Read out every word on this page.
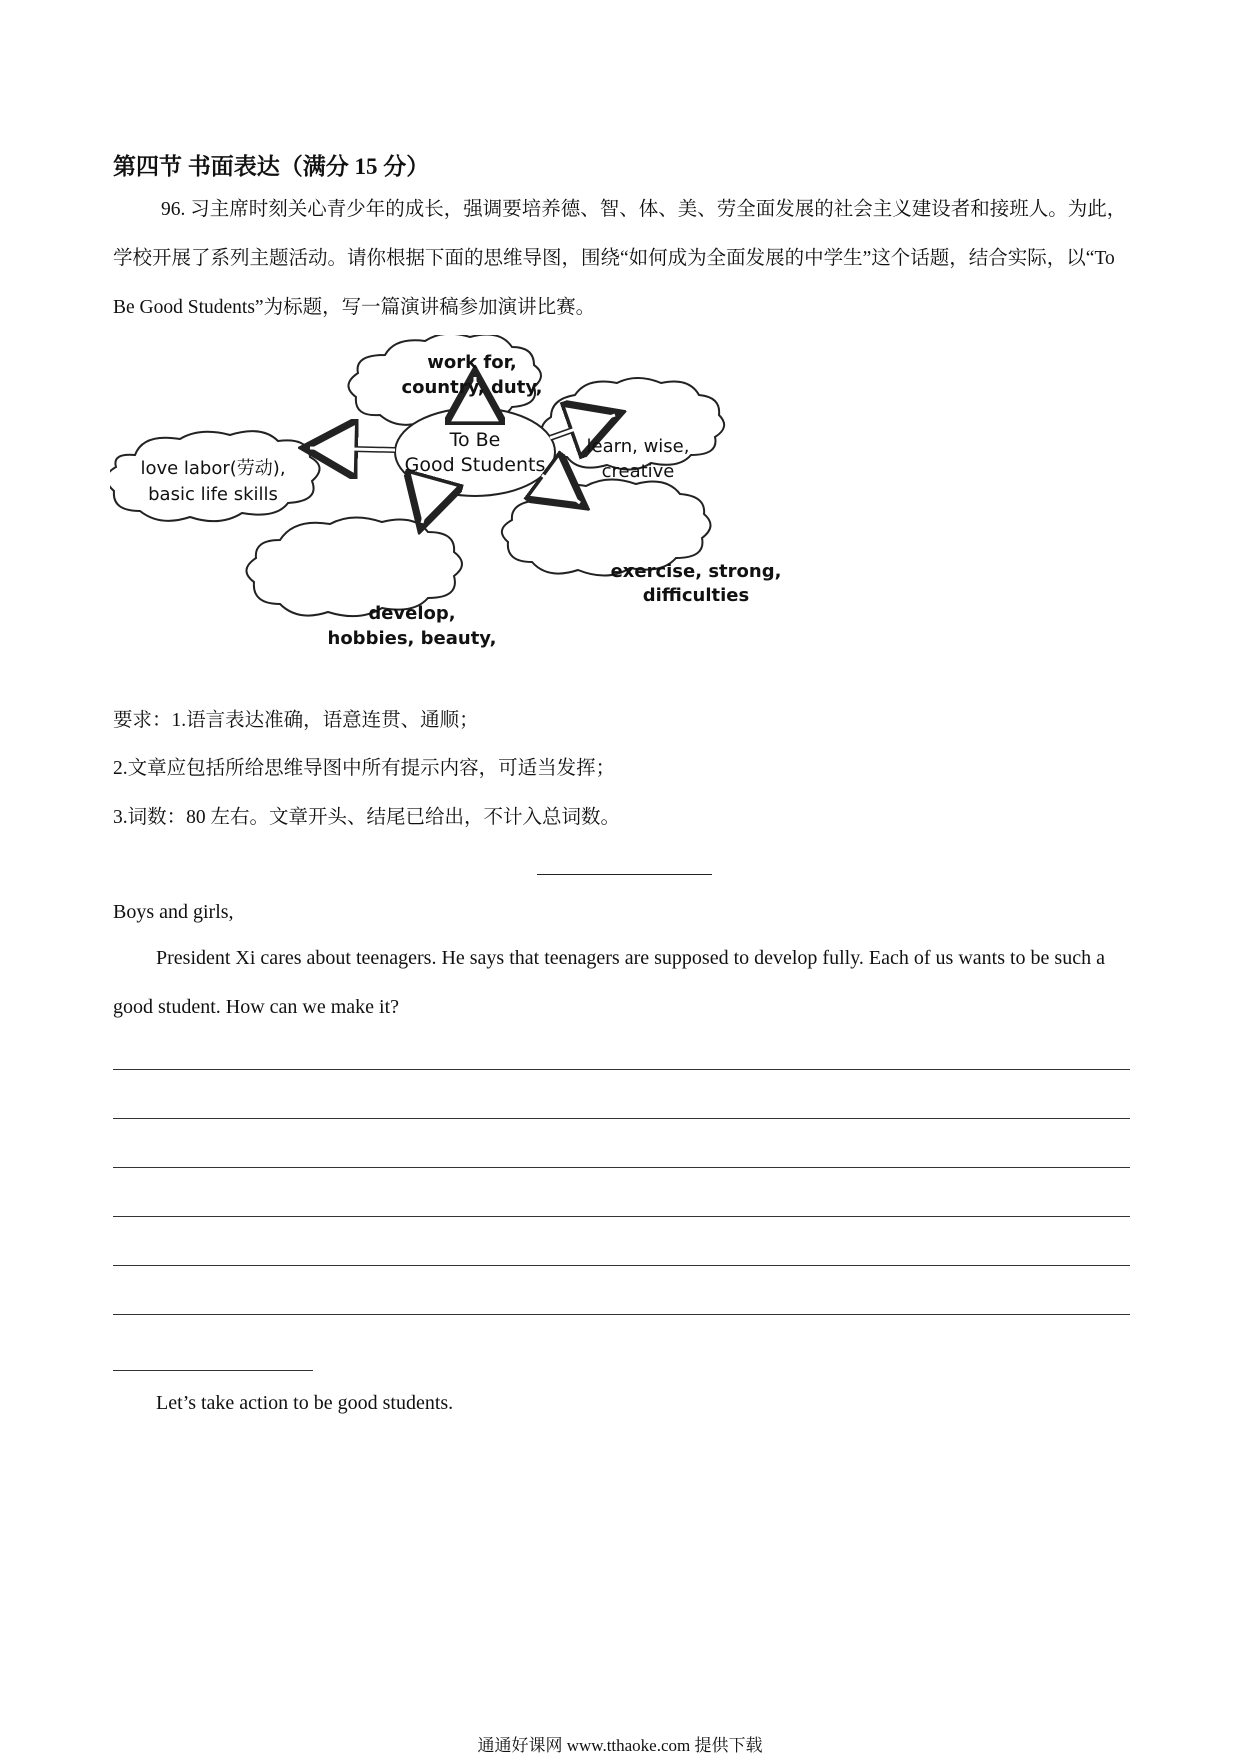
第四节 书面表达（满分 15 分）
96. 习主席时刻关心青少年的成长，强调要培养德、智、体、美、劳全面发展的社会主义建设者和接班人。为此，学校开展了系列主题活动。请你根据下面的思维导图，围绕“如何成为全面发展的中学生”这个话题，结合实际，以“To Be Good Students”为标题，写一篇演讲稿参加演讲比赛。
To Be
Good Students
work for,
country, duty,
love labor(劳动),
basic life skills
learn, wise,
creative
develop,
hobbies, beauty,
exercise, strong,
difficulties
要求：1.语言表达准确，语意连贯、通顺；
2.文章应包括所给思维导图中所有提示内容，可适当发挥；
3.词数：80 左右。文章开头、结尾已给出，不计入总词数。
Boys and girls,
President Xi cares about teenagers. He says that teenagers are supposed to develop fully. Each of us wants to be such a good student. How can we make it?
Let’s take action to be good students.
通通好课网 www.tthaoke.com 提供下载
